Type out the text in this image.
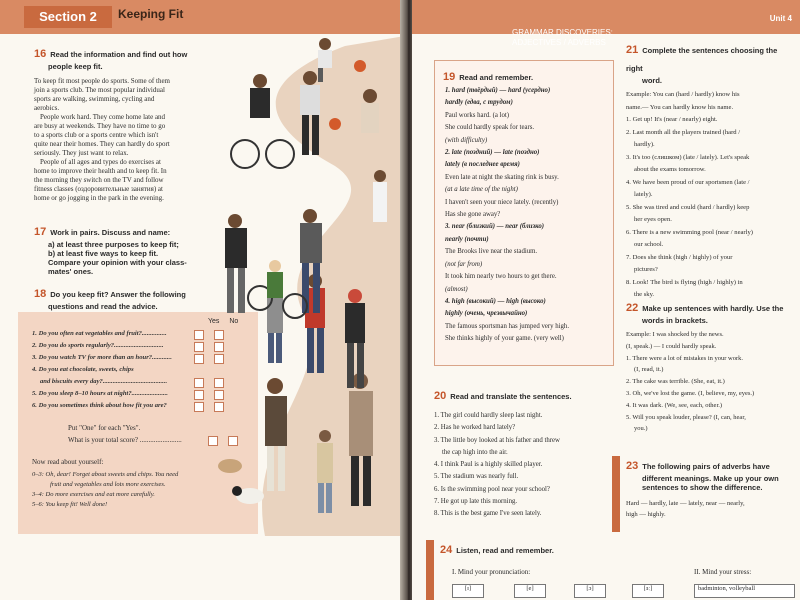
Section 2	Keeping Fit
16 Read the information and find out how
people keep fit.
To keep fit most people do sports. Some of them
join a sports club. The most popular individual
sports are walking, swimming, cycling and
aerobics.
People work hard. They come home late and
are busy at weekends. They have no time to go
to a sports club or a sports centre which isn't
quite near their homes. They can hardly do sport
seriously. They just want to relax.
People of all ages and types do exercises at
home to improve their health and to keep fit. In
the morning they switch on the TV and follow
fitness classes (оздоровительные занятия) at
home or go jogging in the park in the evening.
17 Work in pairs. Discuss and name:
a) at least three purposes to keep fit;
b) at least five ways to keep fit.
Compare your opinion with your class-
mates' ones.
18 Do you keep fit? Answer the following
questions and read the advice.
Yes No
1. Do you often eat vegetables and fruit?...............
2. Do you do sports regularly?..............................
3. Do you watch TV for more than an hour?............
4. Do you eat chocolate, sweets, chips
and biscuits every day?.......................................
5. Do you sleep 8–10 hours at night?......................
6. Do you sometimes think about how fit you are?
Put "One" for each "Yes".
What is your total score? ........................
Now read about yourself:
0–3: Oh, dear! Forget about sweets and chips. You need
fruit and vegetables and lots more exercises.
3–4: Do more exercises and eat more carefully.
5–6: You keep fit! Well done!
GRAMMAR DISCOVERIES:
ADJECTIVES / ADVERBS
Unit 4
19 Read and remember.
1. hard (твёрдый) — hard (усердно)
hardly (едва, с трудом)
Paul works hard. (a lot)
She could hardly speak for tears.
(with difficulty)
2. late (поздний) — late (поздно)
lately (в последнее время)
Even late at night the skating rink is busy.
(at a late time of the night)
I haven't seen your niece lately. (recently)
Has she gone away?
3. near (близкий) — near (близко)
nearly (почти)
The Brooks live near the stadium.
(not far from)
It took him nearly two hours to get there.
(almost)
4. high (высокий) — high (высоко)
highly (очень, чрезвычайно)
The famous sportsman has jumped very high.
She thinks highly of your game. (very well)
20 Read and translate the sentences.
1. The girl could hardly sleep last night.
2. Has he worked hard lately?
3. The little boy looked at his father and threw
the cap high into the air.
4. I think Paul is a highly skilled player.
5. The stadium was nearly full.
6. Is the swimming pool near your school?
7. He got up late this morning.
8. This is the best game I've seen lately.
21 Complete the sentences choosing the right
word.
Example: You can (hard / hardly) know his
name.— You can hardly know his name.
1. Get up! It's (near / nearly) eight.
2. Last month all the players trained (hard /
hardly).
3. It's too (слишком) (late / lately). Let's speak
about the exams tomorrow.
4. We have been proud of our sportsmen (late /
lately).
5. She was tired and could (hard / hardly) keep
her eyes open.
6. There is a new swimming pool (near / nearly)
our school.
7. Does she think (high / highly) of your
pictures?
8. Look! The bird is flying (high / highly) in
the sky.
22 Make up sentences with hardly. Use the
words in brackets.
Example: I was shocked by the news.
(I, speak.) — I could hardly speak.
1. There were a lot of mistakes in your work.
(I, read, it.)
2. The cake was terrible. (She, eat, it.)
3. Oh, we've lost the game. (I, believe, my, eyes.)
4. It was dark. (We, see, each, other.)
5. Will you speak louder, please? (I, can, hear,
you.)
23 The following pairs of adverbs have
different meanings. Make up your own
sentences to show the difference.
Hard — hardly, late — lately, near — nearly,
high — highly.
24 Listen, read and remember.
I. Mind your pronunciation:	II. Mind your stress:
[ɪ]	[e]	[ɔ]	[ɜː]	badminton, volleyball
